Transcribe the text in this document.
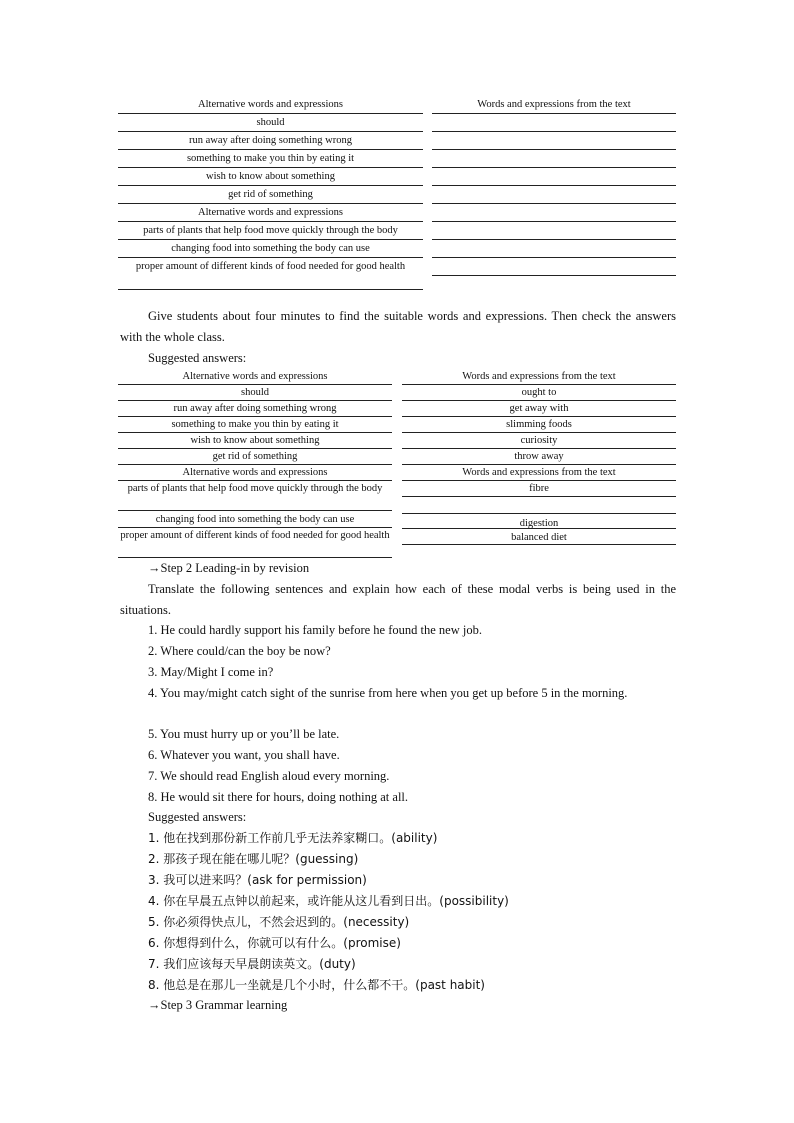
Alternative words and expressions
should
run away after doing something wrong
something to make you thin by eating it
wish to know about something
get rid of something
Alternative words and expressions
parts of plants that help food move quickly through the body
changing food into something the body can use
proper amount of different kinds of food needed for good health
Words and expressions from the text
Give students about four minutes to find the suitable words and expressions. Then check the answers with the whole class.
Suggested answers:
Alternative words and expressions
should
run away after doing something wrong
something to make you thin by eating it
wish to know about something
get rid of something
Alternative words and expressions
parts of plants that help food move quickly through the body
changing food into something the body can use
proper amount of different kinds of food needed for good health
Words and expressions from the text
ought to
get away with
slimming foods
curiosity
throw away
Words and expressions from the text
fibre
digestion
balanced diet
→Step 2 Leading-in by revision
Translate the following sentences and explain how each of these modal verbs is being used in the situations.
1. He could hardly support his family before he found the new job.
2. Where could/can the boy be now?
3. May/Might I come in?
4. You may/might catch sight of the sunrise from here when you get up before 5 in the morning.
5. You must hurry up or you’ll be late.
6. Whatever you want, you shall have.
7. We should read English aloud every morning.
8. He would sit there for hours, doing nothing at all.
Suggested answers:
1. 他在找到那份新工作前几乎无法养家糊口。(ability)
2. 那孩子现在能在哪儿呢？(guessing)
3. 我可以进来吗？(ask for permission)
4. 你在早晨五点钟以前起来，或许能从这儿看到日出。(possibility)
5. 你必须得快点儿，不然会迟到的。(necessity)
6. 你想得到什么，你就可以有什么。(promise)
7. 我们应该每天早晨朗读英文。(duty)
8. 他总是在那儿一坐就是几个小时，什么都不干。(past habit)
→Step 3 Grammar learning
